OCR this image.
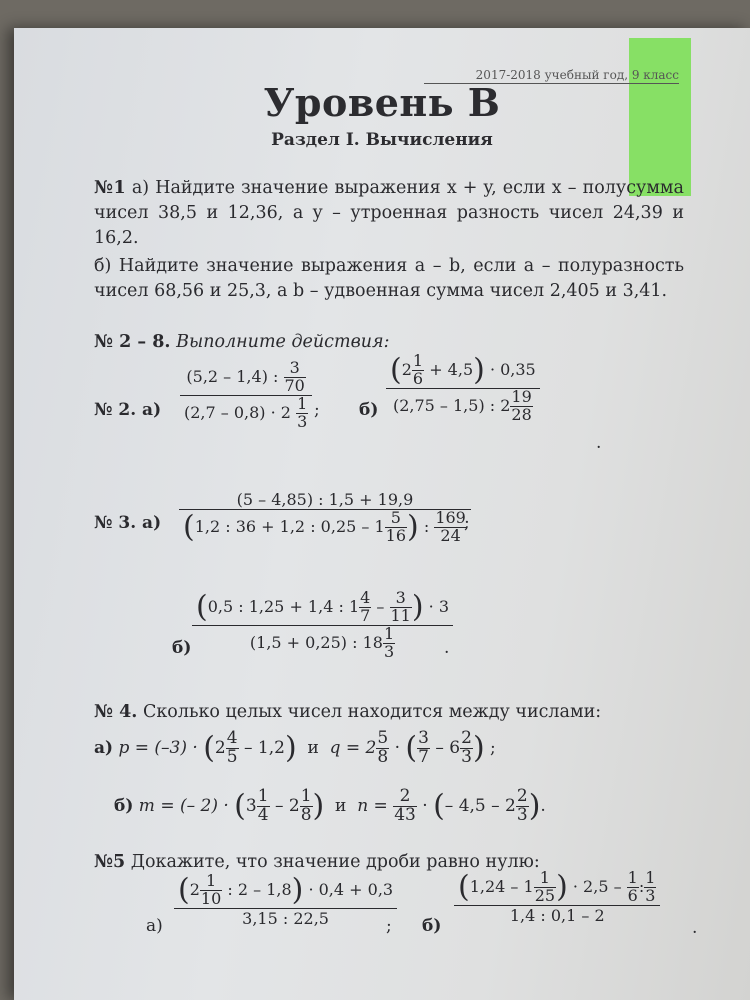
2017-2018 учебный год, 9 класс
Уровень В
Раздел I. Вычисления
№1 а) Найдите значение выражения x + y, если x – полусумма чисел 38,5 и 12,36, а y – утроенная разность чисел 24,39 и 16,2.
б) Найдите значение выражения a – b, если a – полуразность чисел 68,56 и 25,3, а b – удвоенная сумма чисел 2,405 и 3,41.
№ 2 – 8. Выполните действия:
№ 2. а)
(5,2 – 1,4) : $\frac{3}{70}$
$(2,7 - 0,8) \cdot 2 \frac{1}{3}$ ; б)
$(2 \frac{1}{6} + 4,5) \cdot 0,35$
(2,75 – 1,5) : $2 \frac{19}{28}$
.
№ 3. а)
(5 – 4,85) : 1,5 + 19,9
(1,2 : 36 + 1,2 : $0,25 - 1 \frac{5}{16}$ ) : $\frac{169}{24}$
;
б)
(0,5 : 1,25 + 1,4 : $1 \frac{4}{7} - \frac{3}{11}$ ) · 3
(1,5 + 0,25) : $18 \frac{1}{3}$	.
№ 4. Сколько целых чисел находится между числами:
а) $p = (-3) \cdot (2 \frac{4}{5} - 1,2)$ и $q = 2 \frac{5}{8}$ · ( $\frac{3}{7} - 6 \frac{2}{3}$ ) ;
б) m = (– $2) \cdot (3 \frac{1}{4} - 2 \frac{1}{8}$ ) и $n = \frac{2}{43}$ · (– $4,5 - 2 \frac{2}{3}$ ).
№5 Докажите, что значение дроби равно нулю:
а)
($2 \frac{1}{10}$ : 2 – 1,8) · 0,4 + 0,3
3,15 : 22,5	; б)
($1,24 - 1 \frac{1}{25}$ ) · $2,5 - \frac{1}{6}$ : $\frac{1}{3}$
1,4 : 0,1 – 2
.
